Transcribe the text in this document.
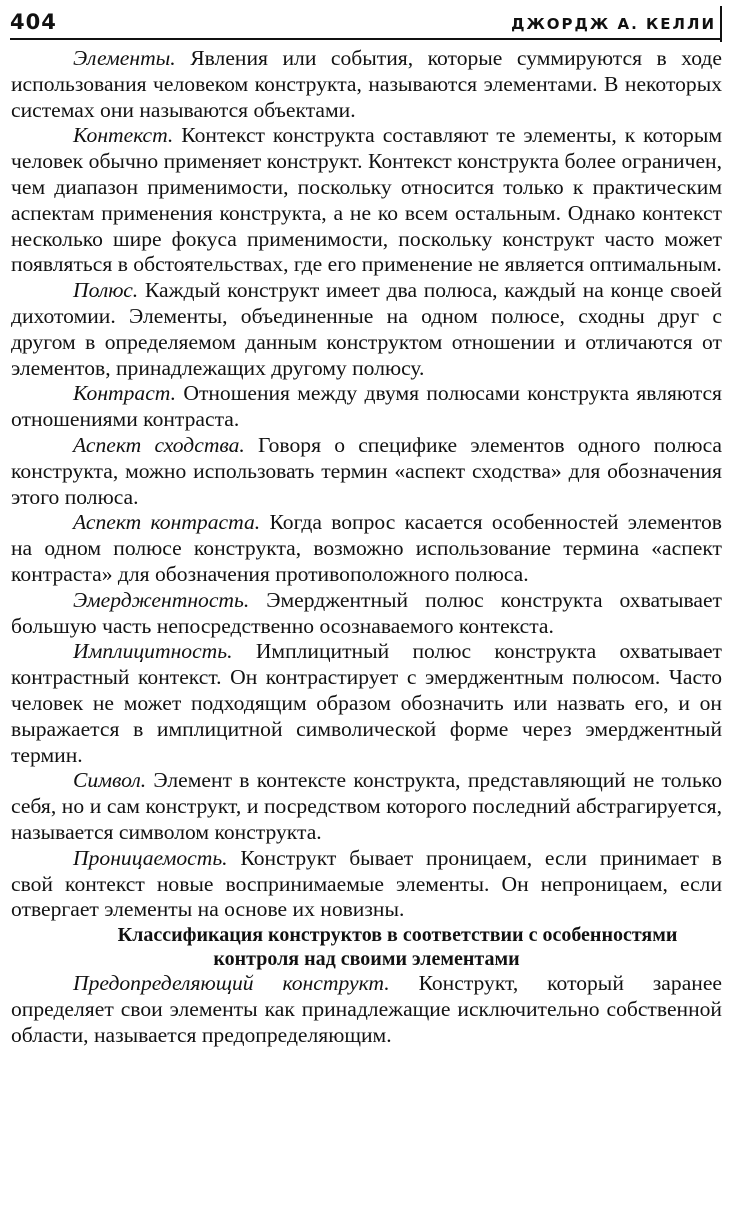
404	ДЖОРДЖ А. КЕЛЛИ

Элементы. Явления или события, которые суммируются в ходе использования человеком конструкта, называются элементами. В некоторых системах они называются объектами.

Контекст. Контекст конструкта составляют те элементы, к которым человек обычно применяет конструкт. Контекст конструкта более ограничен, чем диапазон применимости, поскольку относится только к практическим аспектам применения конструкта, а не ко всем остальным. Однако контекст несколько шире фокуса применимости, поскольку конструкт часто может появляться в обстоятельствах, где его применение не является оптимальным.

Полюс. Каждый конструкт имеет два полюса, каждый на конце своей дихотомии. Элементы, объединенные на одном полюсе, сходны друг с другом в определяемом данным конструктом отношении и отличаются от элементов, принадлежащих другому полюсу.

Контраст. Отношения между двумя полюсами конструкта являются отношениями контраста.

Аспект сходства. Говоря о специфике элементов одного полюса конструкта, можно использовать термин «аспект сходства» для обозначения этого полюса.

Аспект контраста. Когда вопрос касается особенностей элементов на одном полюсе конструкта, возможно использование термина «аспект контраста» для обозначения противоположного полюса.

Эмерджентность. Эмерджентный полюс конструкта охватывает большую часть непосредственно осознаваемого контекста.

Имплицитность. Имплицитный полюс конструкта охватывает контрастный контекст. Он контрастирует с эмерджентным полюсом. Часто человек не может подходящим образом обозначить или назвать его, и он выражается в имплицитной символической форме через эмерджентный термин.

Символ. Элемент в контексте конструкта, представляющий не только себя, но и сам конструкт, и посредством которого последний абстрагируется, называется символом конструкта.

Проницаемость. Конструкт бывает проницаем, если принимает в свой контекст новые воспринимаемые элементы. Он непроницаем, если отвергает элементы на основе их новизны.

Классификация конструктов в соответствии с особенностями контроля над своими элементами

Предопределяющий конструкт. Конструкт, который заранее определяет свои элементы как принадлежащие исключительно собственной области, называется предопределяющим.
